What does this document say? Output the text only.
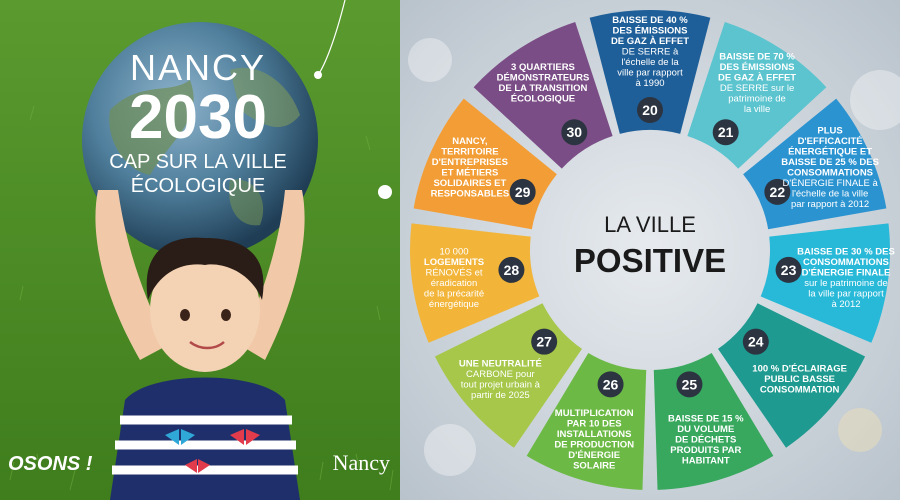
20
BAISSE DE 40 % DES ÉMISSIONS DE GAZ À EFFET DE SERRE à l'échelle de la ville par rapport à 1990
21
BAISSE DE 70 % DES ÉMISSIONS DE GAZ À EFFET DE SERRE sur le patrimoine de la ville
22
PLUS D'EFFICACITÉ ÉNERGÉTIQUE ET BAISSE DE 25 % DES CONSOMMATIONS D'ÉNERGIE FINALE à l'échelle de la ville par rapport à 2012
23
BAISSE DE 30 % DES CONSOMMATIONS D'ÉNERGIE FINALE sur le patrimoine de la ville par rapport à 2012
24
100 % D'ÉCLAIRAGE PUBLIC BASSE CONSOMMATION
25
BAISSE DE 15 % DU VOLUME DE DÉCHETS PRODUITS PAR HABITANT
26
MULTIPLICATION PAR 10 DES INSTALLATIONS DE PRODUCTION D'ÉNERGIE SOLAIRE
27
UNE NEUTRALITÉ CARBONE pour tout projet urbain à partir de 2025
28
10 000 LOGEMENTS RÉNOVÉS et éradication de la précarité énergétique
29
NANCY, TERRITOIRE D'ENTREPRISES ET MÉTIERS SOLIDAIRES ET RESPONSABLES
30
3 QUARTIERS DÉMONSTRATEURS DE LA TRANSITION ÉCOLOGIQUE
LA VILLE
POSITIVE
NANCY
2030
CAP SUR LA VILLE
ÉCOLOGIQUE
OSONS !	Nancy
